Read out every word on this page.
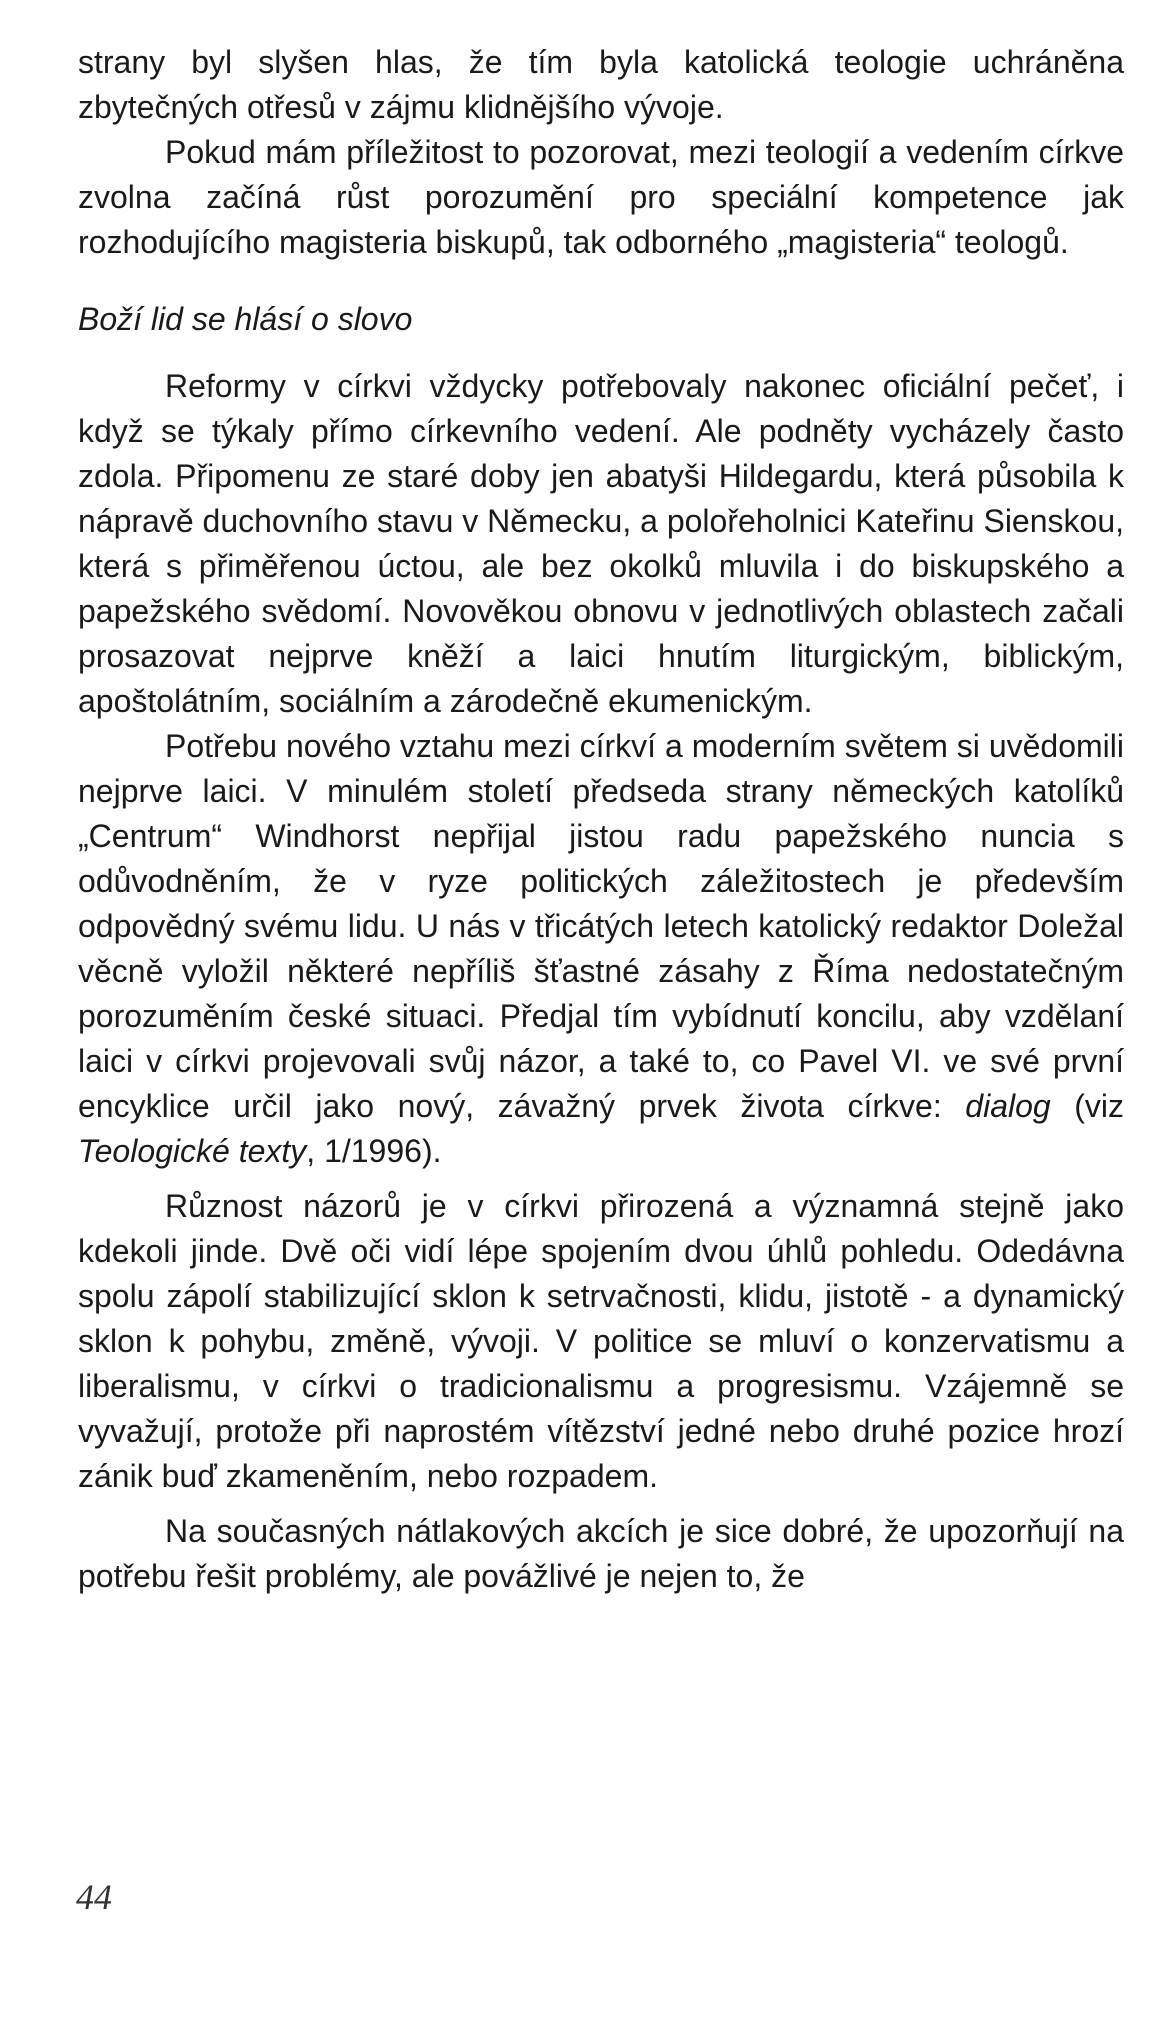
strany byl slyšen hlas, že tím byla katolická teologie uchráněna zbytečných otřesů v zájmu klidnějšího vývoje.

Pokud mám příležitost to pozorovat, mezi teologií a vedením církve zvolna začíná růst porozumění pro speciální kompetence jak rozhodujícího magisteria biskupů, tak odborného „magisteria“ teologů.

Boží lid se hlásí o slovo

Reformy v církvi vždycky potřebovaly nakonec oficiální pečeť, i když se týkaly přímo církevního vedení. Ale podněty vycházely často zdola. Připomenu ze staré doby jen abatyši Hildegardu, která působila k nápravě duchovního stavu v Německu, a polořeholnici Kateřinu Sienskou, která s přiměřenou úctou, ale bez okolků mluvila i do biskupského a papežského svědomí. Novověkou obnovu v jednotlivých oblastech začali prosazovat nejprve kněží a laici hnutím liturgickým, biblickým, apoštolátním, sociálním a zárodečně ekumenickým.

Potřebu nového vztahu mezi církví a moderním světem si uvědomili nejprve laici. V minulém století předseda strany německých katolíků „Centrum“ Windhorst nepřijal jistou radu papežského nuncia s odůvodněním, že v ryze politických záležitostech je především odpovědný svému lidu. U nás v třicátých letech katolický redaktor Doležal věcně vyložil některé nepříliš šťastné zásahy z Říma nedostatečným porozuměním české situaci. Předjal tím vybídnutí koncilu, aby vzdělaní laici v církvi projevovali svůj názor, a také to, co Pavel VI. ve své první encyklice určil jako nový, závažný prvek života církve: dialog (viz Teologické texty, 1/1996).

Různost názorů je v církvi přirozená a významná stejně jako kdekoli jinde. Dvě oči vidí lépe spojením dvou úhlů pohledu. Odedávna spolu zápolí stabilizující sklon k setrvačnosti, klidu, jistotě - a dynamický sklon k pohybu, změně, vývoji. V politice se mluví o konzervatismu a liberalismu, v církvi o tradicionalismu a progresismu. Vzájemně se vyvažují, protože při naprostém vítězství jedné nebo druhé pozice hrozí zánik buď zkameněním, nebo rozpadem.

Na současných nátlakových akcích je sice dobré, že upozorňují na potřebu řešit problémy, ale povážlivé je nejen to, že

44
